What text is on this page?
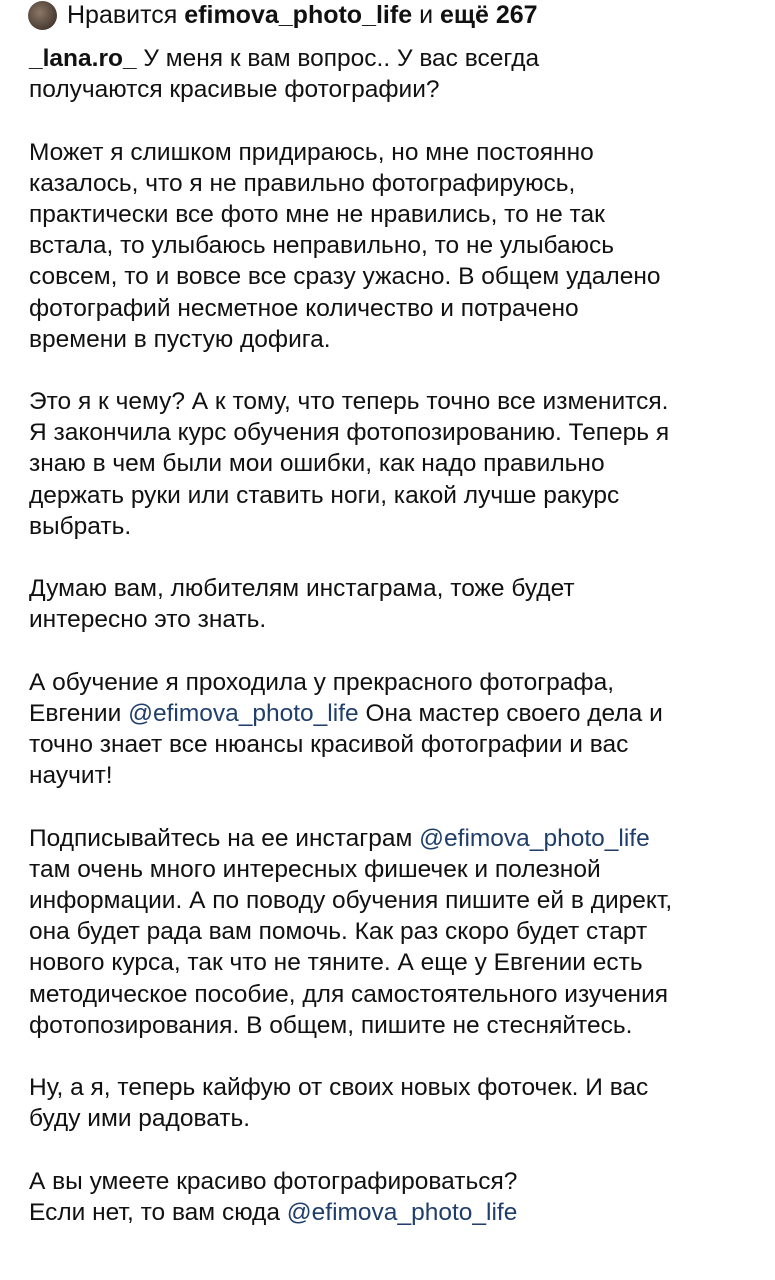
Нравится efimova_photo_life и ещё 267
_lana.ro_ У меня к вам вопрос.. У вас всегда
получаются красивые фотографии?
Может я слишком придираюсь, но мне постоянно
казалось, что я не правильно фотографируюсь,
практически все фото мне не нравились, то не так
встала, то улыбаюсь неправильно, то не улыбаюсь
совсем, то и вовсе все сразу ужасно. В общем удалено
фотографий несметное количество и потрачено
времени в пустую дофига.
Это я к чему? А к тому, что теперь точно все изменится.
Я закончила курс обучения фотопозированию. Теперь я
знаю в чем были мои ошибки, как надо правильно
держать руки или ставить ноги, какой лучше ракурс
выбрать.
Думаю вам, любителям инстаграма, тоже будет
интересно это знать.
А обучение я проходила у прекрасного фотографа,
Евгении @efimova_photo_life Она мастер своего дела и
точно знает все нюансы красивой фотографии и вас
научит!
Подписывайтесь на ее инстаграм @efimova_photo_life
там очень много интересных фишечек и полезной
информации. А по поводу обучения пишите ей в директ,
она будет рада вам помочь. Как раз скоро будет старт
нового курса, так что не тяните. А еще у Евгении есть
методическое пособие, для самостоятельного изучения
фотопозирования. В общем, пишите не стесняйтесь.
Ну, а я, теперь кайфую от своих новых фоточек. И вас
буду ими радовать.
А вы умеете красиво фотографироваться?
Если нет, то вам сюда @efimova_photo_life
